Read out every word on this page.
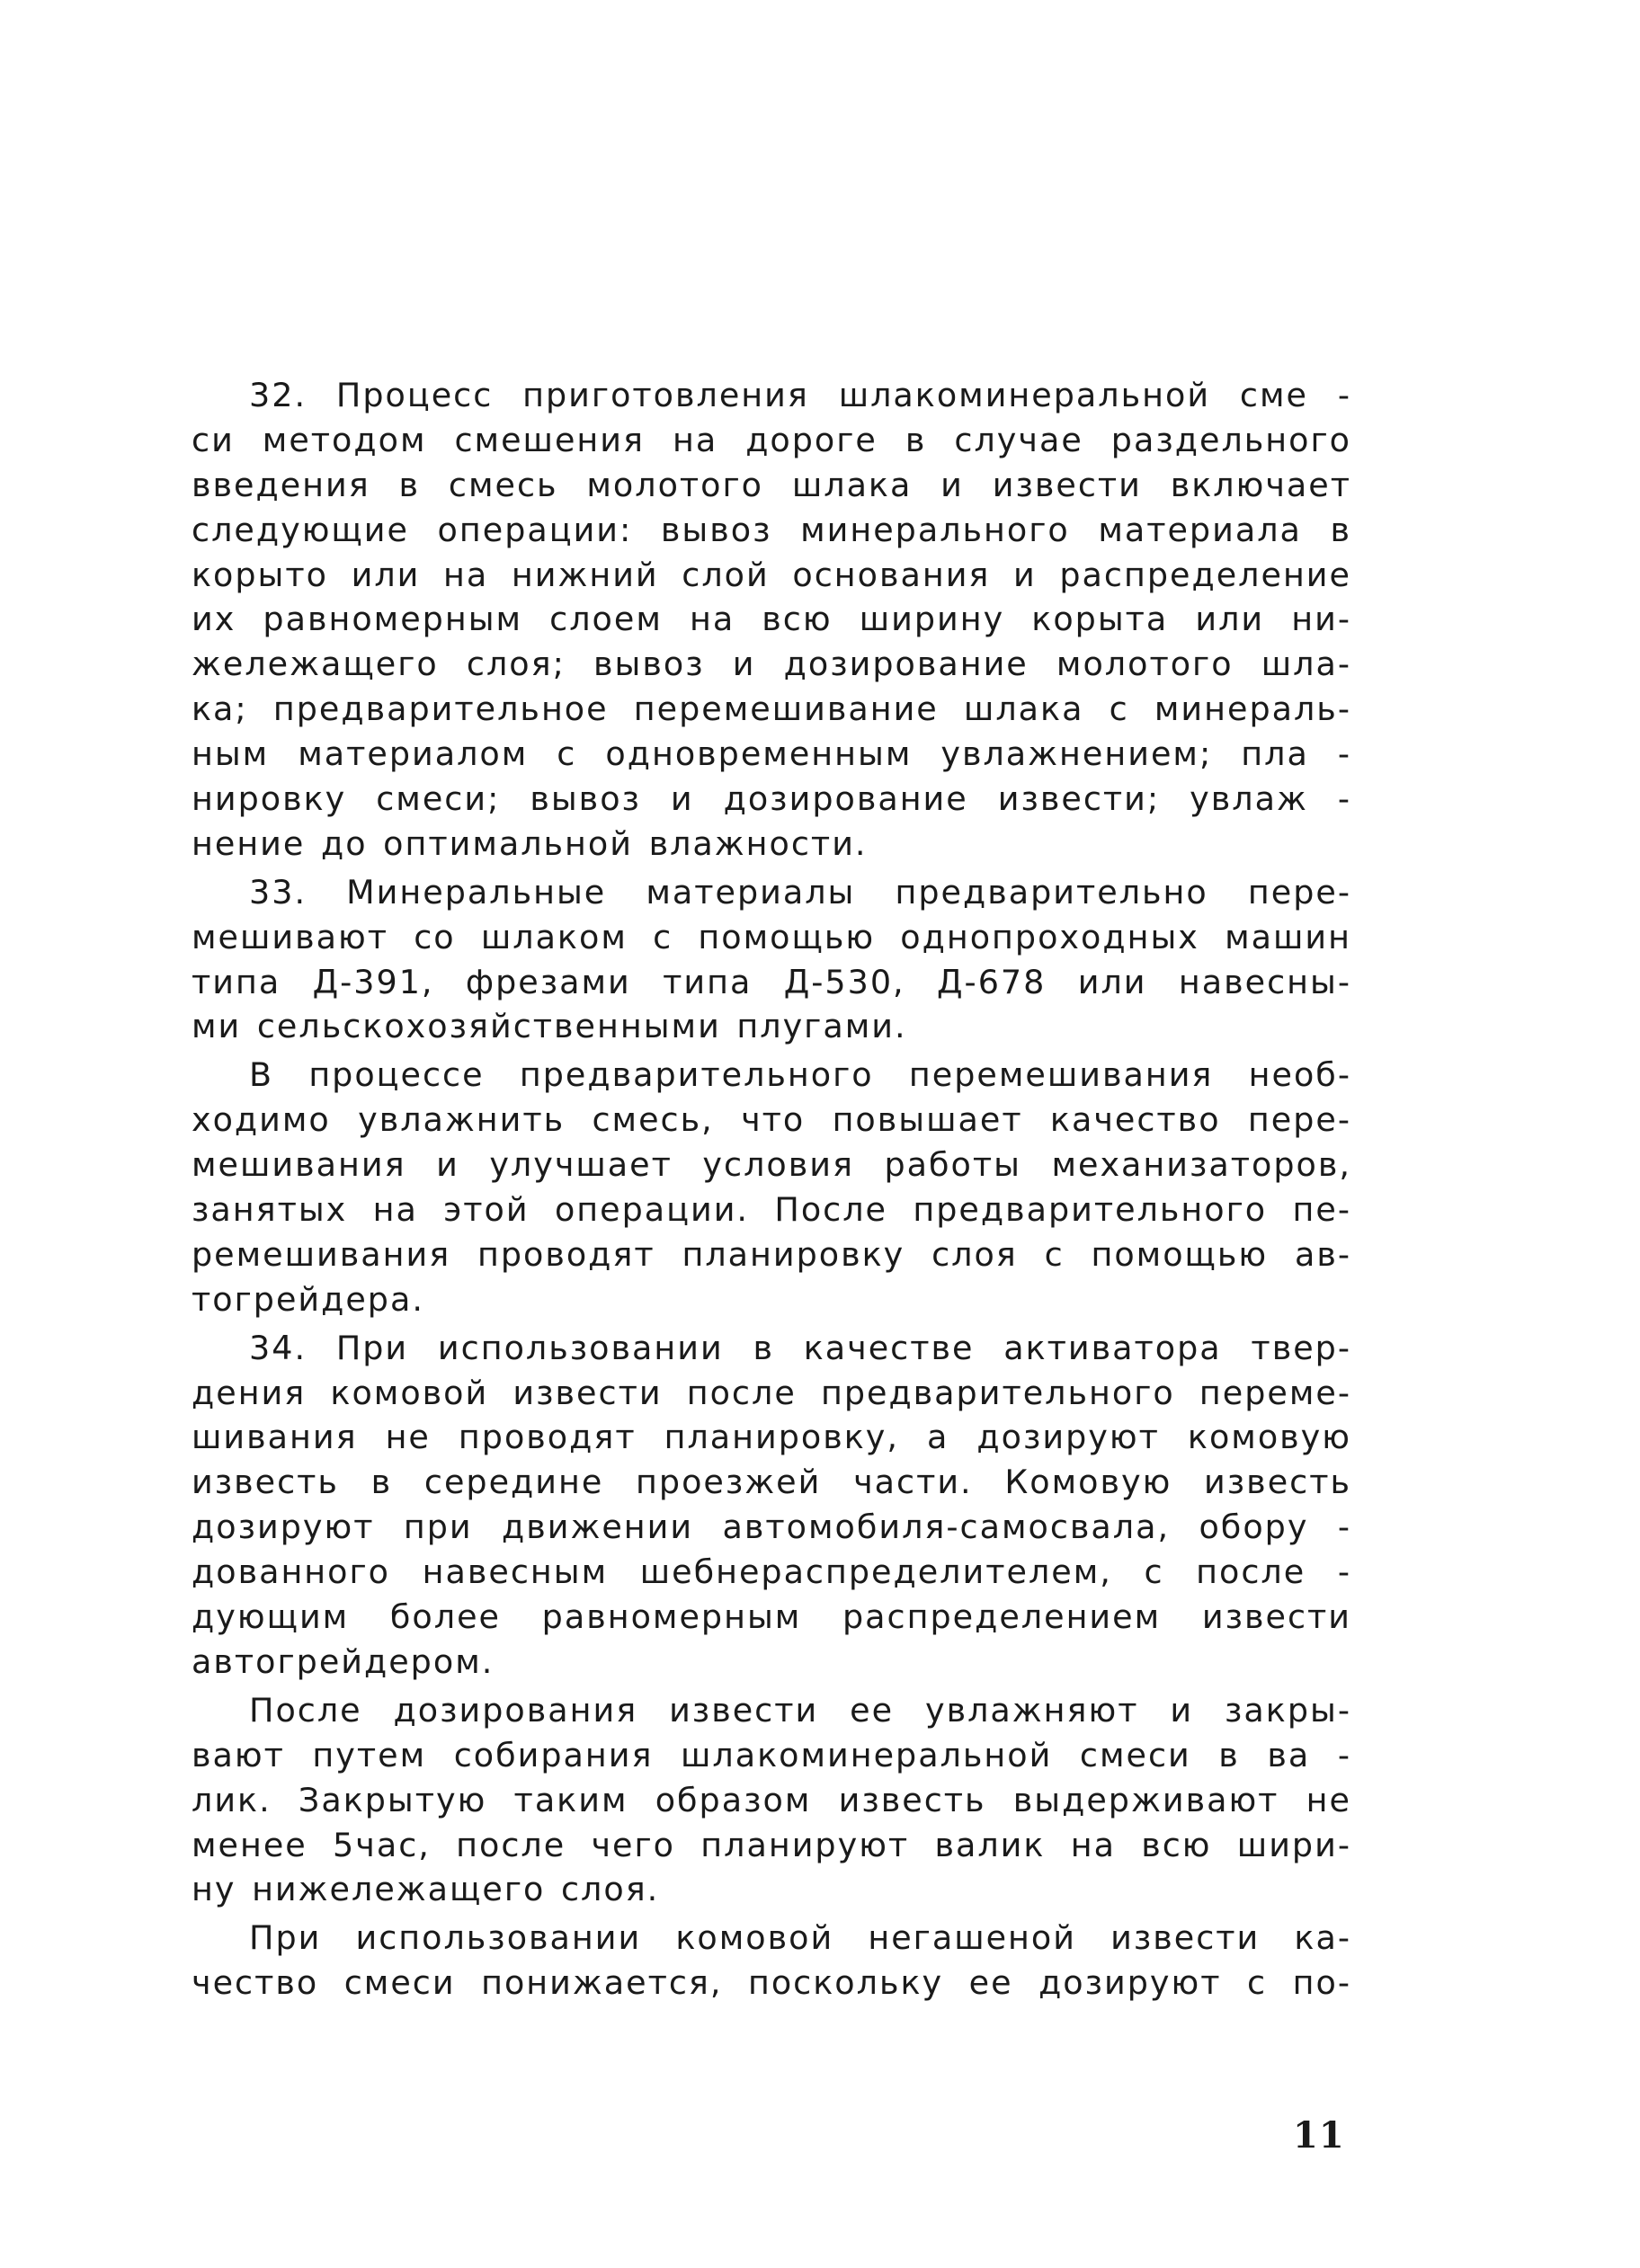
32. Процесс приготовления шлакоминеральной сме -
си методом смешения на дороге в случае раздельного
введения в смесь молотого шлака и извести включает
следующие операции: вывоз минерального материала в
корыто или на нижний слой основания и распределение
их равномерным слоем на всю ширину корыта или ни-
жележащего слоя; вывоз и дозирование молотого шла-
ка; предварительное перемешивание шлака с минераль-
ным материалом с одновременным увлажнением; пла -
нировку смеси; вывоз и дозирование извести; увлаж -
нение до оптимальной влажности.
33. Минеральные материалы предварительно пере-
мешивают со шлаком с помощью однопроходных машин
типа Д-391, фрезами типа Д-530, Д-678 или навесны-
ми сельскохозяйственными плугами.
В процессе предварительного перемешивания необ-
ходимо увлажнить смесь, что повышает качество пере-
мешивания и улучшает условия работы механизаторов,
занятых на этой операции. После предварительного пе-
ремешивания проводят планировку слоя с помощью ав-
тогрейдера.
34. При использовании в качестве активатора твер-
дения комовой извести после предварительного переме-
шивания не проводят планировку, а дозируют комовую
известь в середине проезжей части. Комовую известь
дозируют при движении автомобиля-самосвала, обору -
дованного навесным шебнераспределителем, с после -
дующим более равномерным распределением извести
автогрейдером.
После дозирования извести ее увлажняют и закры-
вают путем собирания шлакоминеральной смеси в ва -
лик. Закрытую таким образом известь выдерживают не
менее 5час, после чего планируют валик на всю шири-
ну нижележащего слоя.
При использовании комовой негашеной извести ка-
чество смеси понижается, поскольку ее дозируют с по-
11
